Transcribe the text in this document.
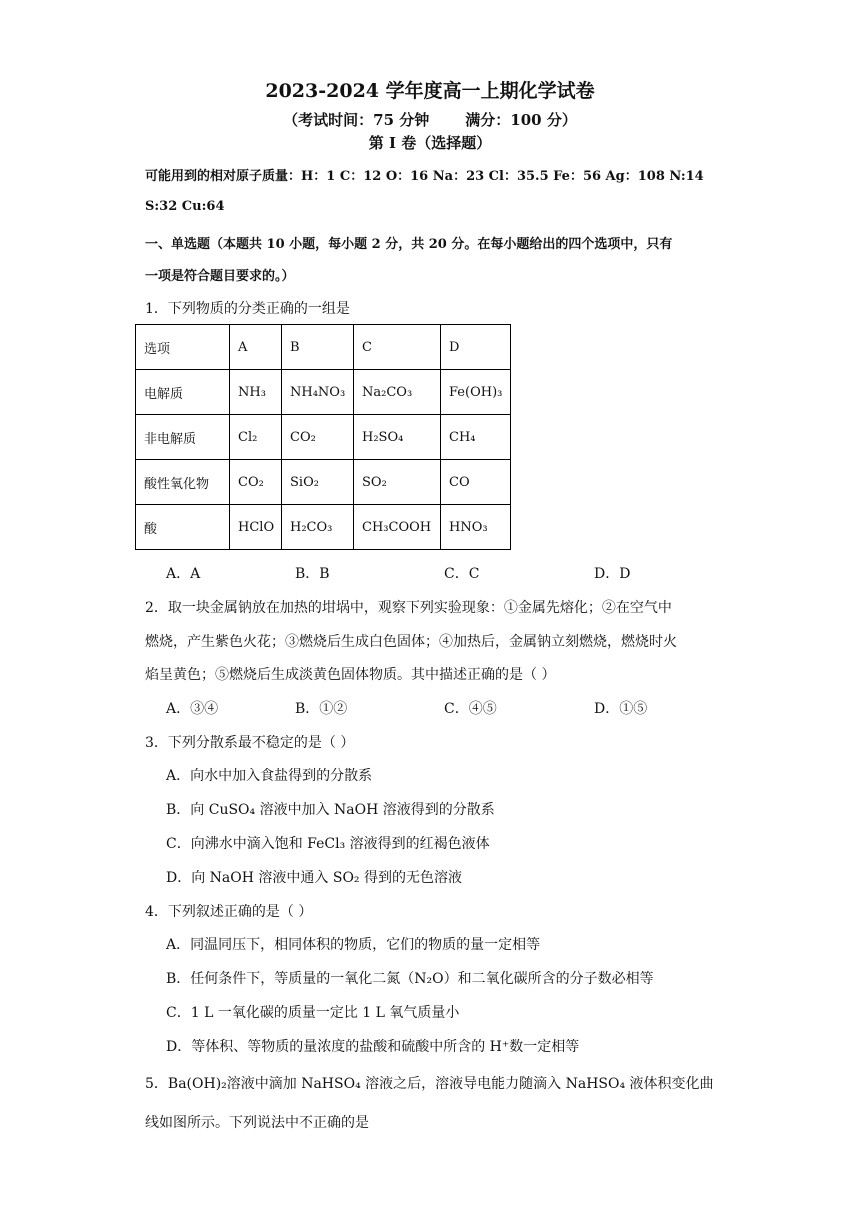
2023-2024 学年度高一上期化学试卷
（考试时间：75 分钟 满分：100 分）
第 I 卷（选择题）
可能用到的相对原子质量：H：1 C：12 O：16 Na：23 Cl：35.5 Fe：56 Ag：108 N:14
S:32 Cu:64
一、单选题（本题共 10 小题，每小题 2 分，共 20 分。在每小题给出的四个选项中，只有
一项是符合题目要求的。）
1．下列物质的分类正确的一组是
选项	A	B	C	D
电解质	NH₃	NH₄NO₃	Na₂CO₃	Fe(OH)₃
非电解质	Cl₂	CO₂	H₂SO₄	CH₄
酸性氧化物	CO₂	SiO₂	SO₂	CO
酸	HClO	H₂CO₃	CH₃COOH	HNO₃
A．A	B．B	C．C	D．D
2．取一块金属钠放在加热的坩埚中，观察下列实验现象：①金属先熔化；②在空气中
燃烧，产生紫色火花；③燃烧后生成白色固体；④加热后，金属钠立刻燃烧，燃烧时火
焰呈黄色；⑤燃烧后生成淡黄色固体物质。其中描述正确的是（ ）
A．③④	B．①②	C．④⑤	D．①⑤
3．下列分散系最不稳定的是（ ）
A．向水中加入食盐得到的分散系
B．向 CuSO₄ 溶液中加入 NaOH 溶液得到的分散系
C．向沸水中滴入饱和 FeCl₃ 溶液得到的红褐色液体
D．向 NaOH 溶液中通入 SO₂ 得到的无色溶液
4．下列叙述正确的是（ ）
A．同温同压下，相同体积的物质，它们的物质的量一定相等
B．任何条件下，等质量的一氧化二氮（N₂O）和二氧化碳所含的分子数必相等
C．1 L 一氧化碳的质量一定比 1 L 氧气质量小
D．等体积、等物质的量浓度的盐酸和硫酸中所含的 H⁺数一定相等
5．Ba(OH)₂溶液中滴加 NaHSO₄ 溶液之后，溶液导电能力随滴入 NaHSO₄ 液体积变化曲
线如图所示。下列说法中不正确的是
